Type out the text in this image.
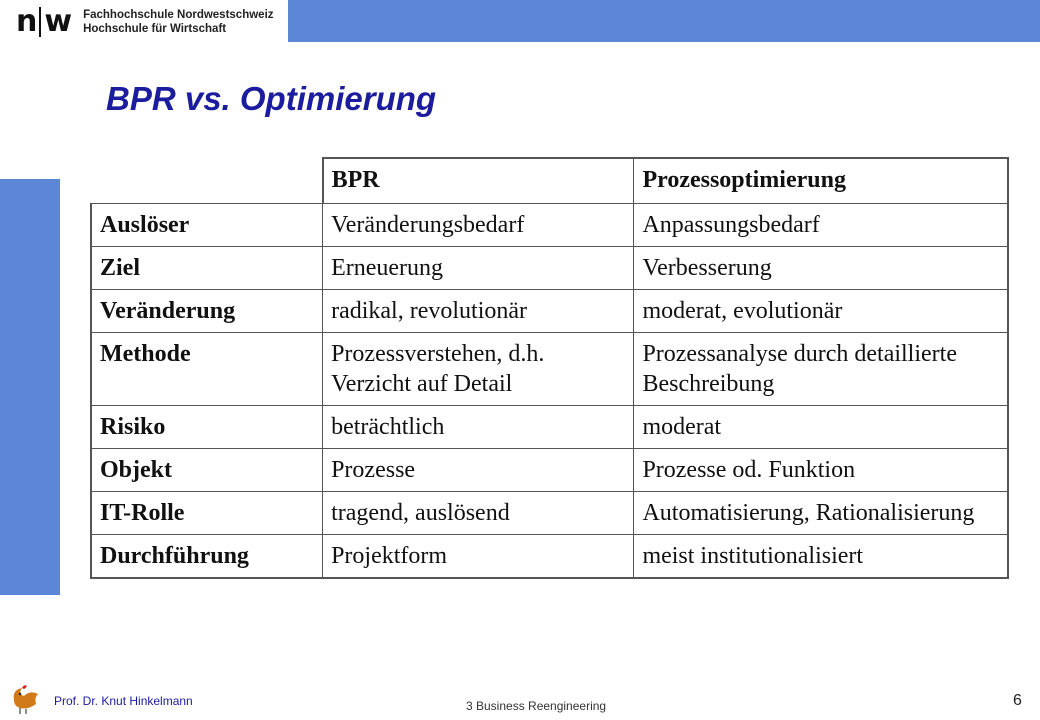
n w Fachhochschule Nordwestschweiz
Hochschule für Wirtschaft
BPR vs. Optimierung
	BPR	Prozessoptimierung
Auslöser	Veränderungsbedarf	Anpassungsbedarf
Ziel	Erneuerung	Verbesserung
Veränderung	radikal, revolutionär	moderat, evolutionär
Methode	Prozessverstehen, d.h. Verzicht auf Detail	Prozessanalyse durch detaillierte Beschreibung
Risiko	beträchtlich	moderat
Objekt	Prozesse	Prozesse od. Funktion
IT-Rolle	tragend, auslösend	Automatisierung, Rationalisierung
Durchführung	Projektform	meist institutionalisiert
Prof. Dr. Knut Hinkelmann	3 Business Reengineering	6
